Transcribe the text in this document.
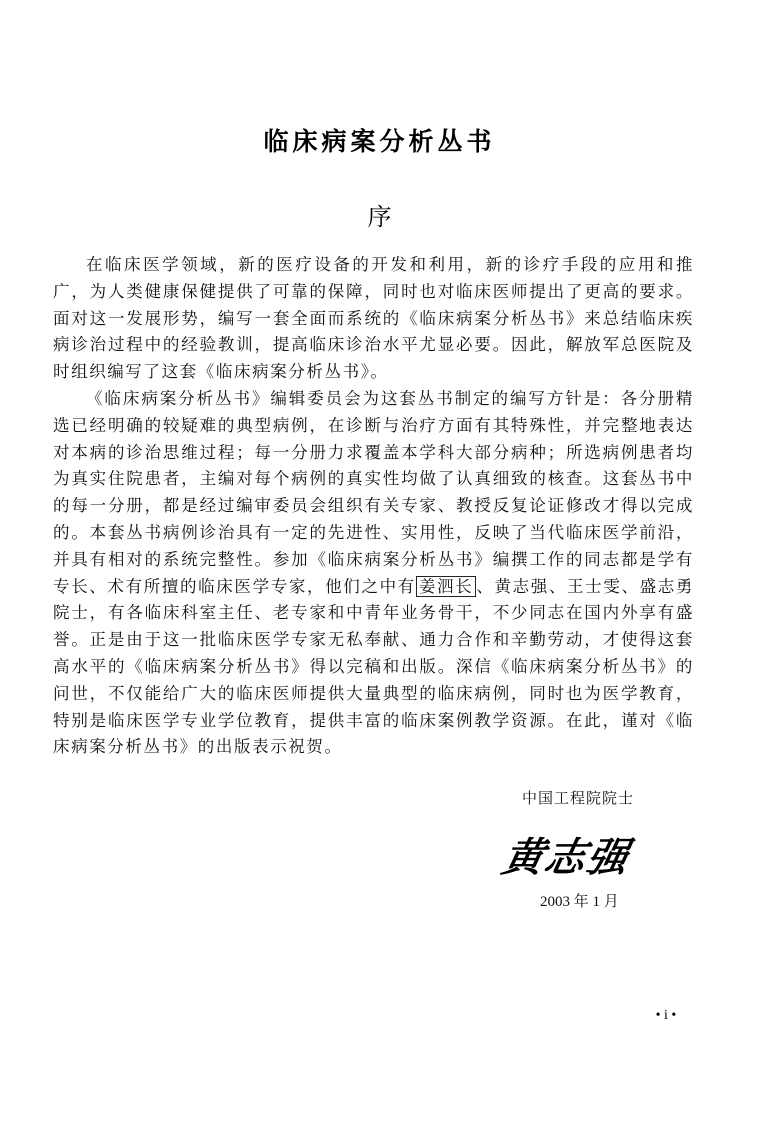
临床病案分析丛书
序

在临床医学领域，新的医疗设备的开发和利用，新的诊疗手段的应用和推广，为人类健康保健提供了可靠的保障，同时也对临床医师提出了更高的要求。面对这一发展形势，编写一套全面而系统的《临床病案分析丛书》来总结临床疾病诊治过程中的经验教训，提高临床诊治水平尤显必要。因此，解放军总医院及时组织编写了这套《临床病案分析丛书》。

《临床病案分析丛书》编辑委员会为这套丛书制定的编写方针是：各分册精选已经明确的较疑难的典型病例，在诊断与治疗方面有其特殊性，并完整地表达对本病的诊治思维过程；每一分册力求覆盖本学科大部分病种；所选病例患者均为真实住院患者，主编对每个病例的真实性均做了认真细致的核查。这套丛书中的每一分册，都是经过编审委员会组织有关专家、教授反复论证修改才得以完成的。本套丛书病例诊治具有一定的先进性、实用性，反映了当代临床医学前沿，并具有相对的系统完整性。参加《临床病案分析丛书》编撰工作的同志都是学有专长、术有所擅的临床医学专家，他们之中有 姜泗长 、黄志强、王士雯、盛志勇院士，有各临床科室主任、老专家和中青年业务骨干，不少同志在国内外享有盛誉。正是由于这一批临床医学专家无私奉献、通力合作和辛勤劳动，才使得这套高水平的《临床病案分析丛书》得以完稿和出版。深信《临床病案分析丛书》的问世，不仅能给广大的临床医师提供大量典型的临床病例，同时也为医学教育，特别是临床医学专业学位教育，提供丰富的临床案例教学资源。在此，谨对《临床病案分析丛书》的出版表示祝贺。

中国工程院院士
黄志强
2003 年 1 月
• i •
